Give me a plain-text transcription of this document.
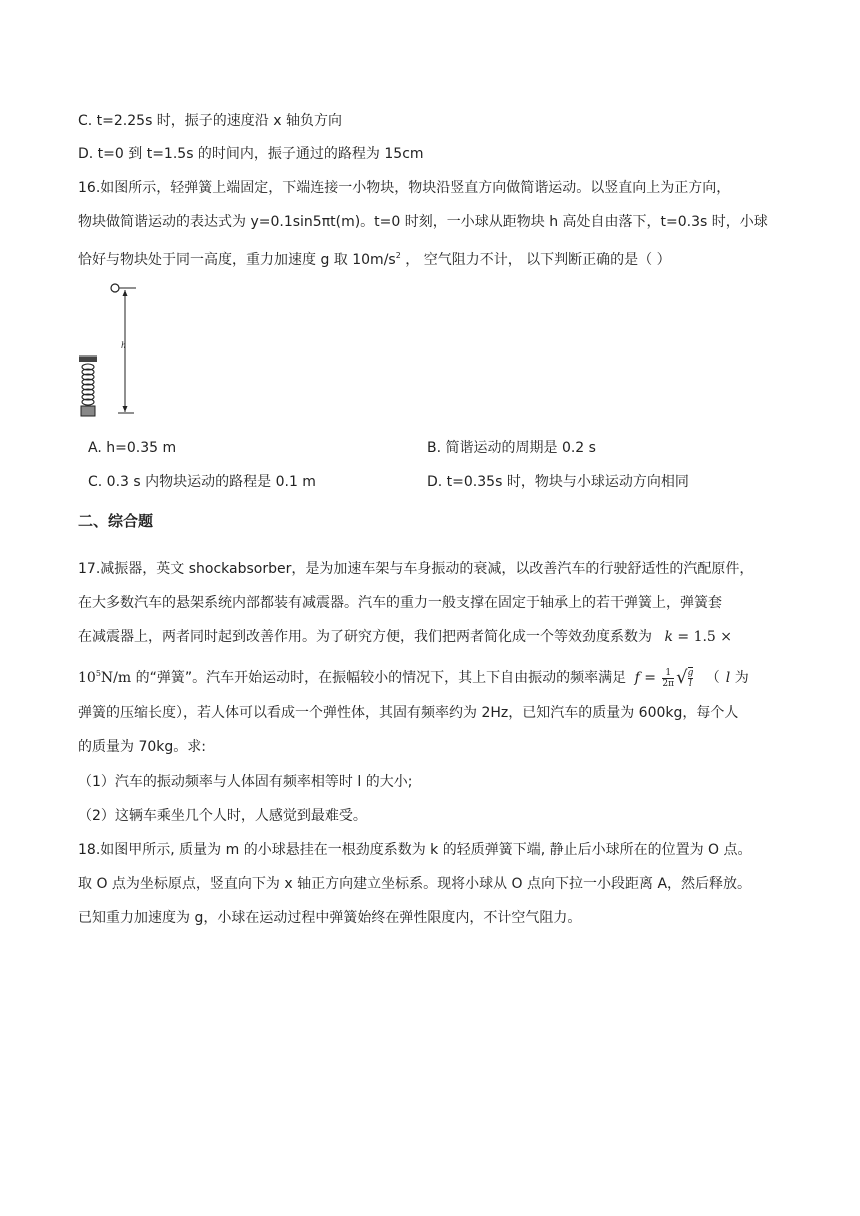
C. t=2.25s 时，振子的速度沿 x 轴负方向
D. t=0 到 t=1.5s 的时间内，振子通过的路程为 15cm
16.如图所示，轻弹簧上端固定，下端连接一小物块，物块沿竖直方向做简谐运动。以竖直向上为正方向，
物块做简谐运动的表达式为 y=0.1sin5πt(m)。t=0 时刻，一小球从距物块 h 高处自由落下，t=0.3s 时，小球
恰好与物块处于同一高度，重力加速度 g 取 $10m/s^2$ ， 空气阻力不计， 以下判断正确的是（ ）
h
A. h=0.35 m	B. 简谐运动的周期是 0.2 s
C. 0.3 s 内物块运动的路程是 0.1 m	D. t=0.35s 时，物块与小球运动方向相同
二、综合题
17.减振器，英文 shockabsorber，是为加速车架与车身振动的衰减，以改善汽车的行驶舒适性的汽配原件，
在大多数汽车的悬架系统内部都装有减震器。汽车的重力一般支撑在固定于轴承上的若干弹簧上，弹簧套
在减震器上，两者同时起到改善作用。为了研究方便，我们把两者简化成一个等效劲度系数为 k = 1.5 ×
$10^5N/m$ 的“弹簧”。汽车开始运动时，在振幅较小的情况下，其上下自由振动的频率满足 $f = \frac{1}{2\pi}$ √ $\frac{g}{l}$ （ l 为
弹簧的压缩长度），若人体可以看成一个弹性体，其固有频率约为 2Hz，已知汽车的质量为 600kg，每个人
的质量为 70kg。求:
（1）汽车的振动频率与人体固有频率相等时 l 的大小;
（2）这辆车乘坐几个人时，人感觉到最难受。
18.如图甲所示, 质量为 m 的小球悬挂在一根劲度系数为 k 的轻质弹簧下端, 静止后小球所在的位置为 O 点。
取 O 点为坐标原点，竖直向下为 x 轴正方向建立坐标系。现将小球从 O 点向下拉一小段距离 A，然后释放。
已知重力加速度为 g，小球在运动过程中弹簧始终在弹性限度内，不计空气阻力。
